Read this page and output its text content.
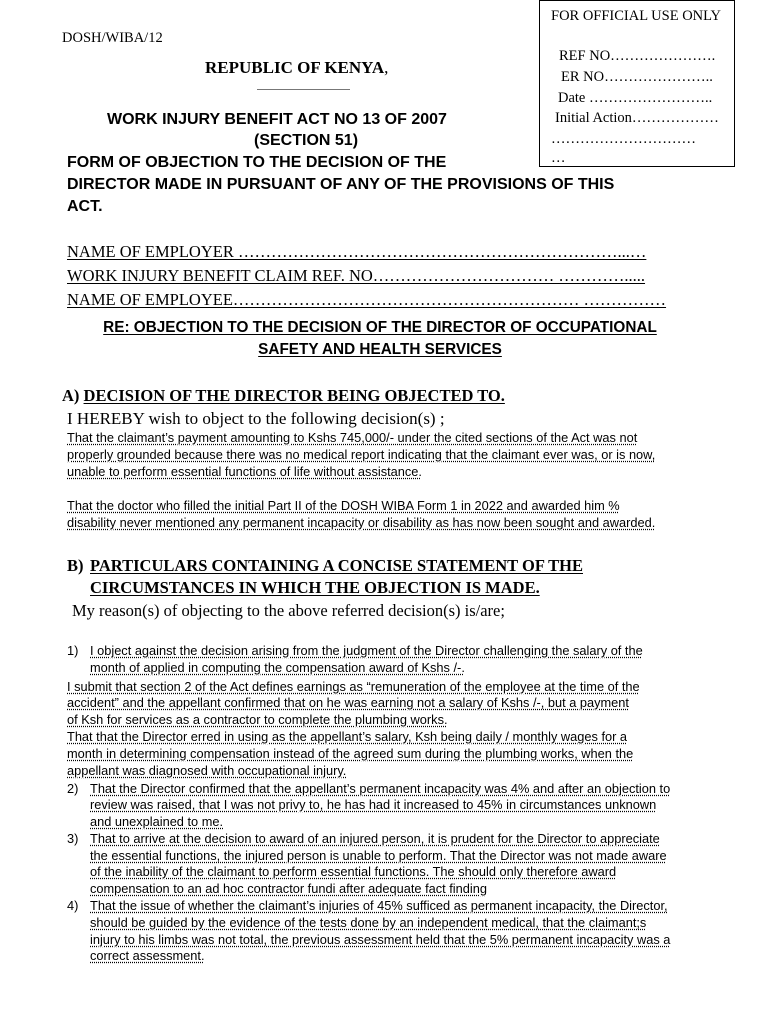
FOR OFFICIAL USE ONLY
REF NO………………….
ER NO…………………..
Date ……………………..
Initial Action………………
…………………………
…
DOSH/WIBA/12
REPUBLIC OF KENYA,
WORK INJURY BENEFIT ACT NO 13 OF 2007
(SECTION 51)
FORM OF OBJECTION TO THE DECISION OF THE
DIRECTOR MADE IN PURSUANT OF ANY OF THE PROVISIONS OF THIS
ACT.
NAME OF EMPLOYER ……………………………………………………………...…
WORK INJURY BENEFIT CLAIM REF. NO…………………………… ………….....
NAME OF EMPLOYEE……………………………………………………… ……………
RE: OBJECTION TO THE DECISION OF THE DIRECTOR OF OCCUPATIONAL
SAFETY AND HEALTH SERVICES
A) DECISION OF THE DIRECTOR BEING OBJECTED TO.
I HEREBY wish to object to the following decision(s) ;
That the claimant’s payment amounting to Kshs 745,000/- under the cited sections of the Act was not
properly grounded because there was no medical report indicating that the claimant ever was, or is now,
unable to perform essential functions of life without assistance.
That the doctor who filled the initial Part II of the DOSH WIBA Form 1 in 2022 and awarded him %
disability never mentioned any permanent incapacity or disability as has now been sought and awarded.
B) PARTICULARS CONTAINING A CONCISE STATEMENT OF THE
CIRCUMSTANCES IN WHICH THE OBJECTION IS MADE.
My reason(s) of objecting to the above referred decision(s) is/are;
1) I object against the decision arising from the judgment of the Director challenging the salary of the
month of applied in computing the compensation award of Kshs /-.
I submit that section 2 of the Act defines earnings as “remuneration of the employee at the time of the
accident” and the appellant confirmed that on he was earning not a salary of Kshs /-, but a payment
of Ksh for services as a contractor to complete the plumbing works.
That that the Director erred in using as the appellant’s salary, Ksh being daily / monthly wages for a
month in determining compensation instead of the agreed sum during the plumbing works, when the
appellant was diagnosed with occupational injury.
2) That the Director confirmed that the appellant’s permanent incapacity was 4% and after an objection to
review was raised, that I was not privy to, he has had it increased to 45% in circumstances unknown
and unexplained to me.
3) That to arrive at the decision to award of an injured person, it is prudent for the Director to appreciate
the essential functions, the injured person is unable to perform. That the Director was not made aware
of the inability of the claimant to perform essential functions. The should only therefore award
compensation to an ad hoc contractor fundi after adequate fact finding
4) That the issue of whether the claimant’s injuries of 45% sufficed as permanent incapacity, the Director,
should be guided by the evidence of the tests done by an independent medical, that the claimant;s
injury to his limbs was not total, the previous assessment held that the 5% permanent incapacity was a
correct assessment.
